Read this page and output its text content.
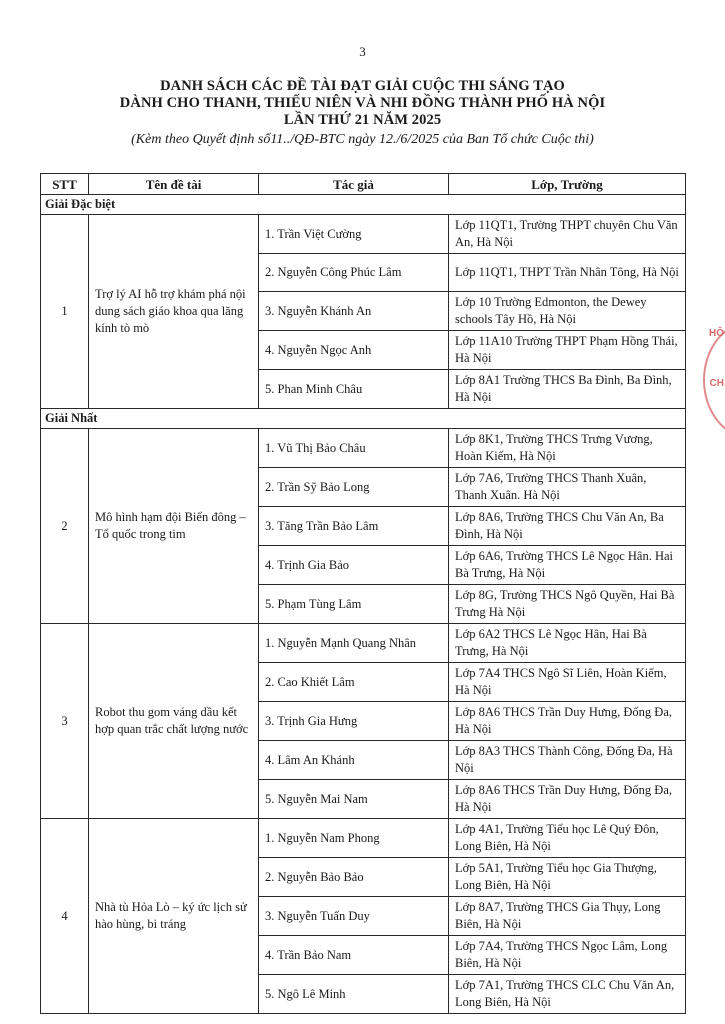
3
DANH SÁCH CÁC ĐỀ TÀI ĐẠT GIẢI CUỘC THI SÁNG TẠO
DÀNH CHO THANH, THIẾU NIÊN VÀ NHI ĐỒNG THÀNH PHỐ HÀ NỘI
LẦN THỨ 21 NĂM 2025
(Kèm theo Quyết định số11../QĐ-BTC ngày 12./6/2025 của Ban Tổ chức Cuộc thi)
STT	Tên đề tài	Tác giả	Lớp, Trường
Giải Đặc biệt			
1	Trợ lý AI hỗ trợ khám phá nội dung sách giáo khoa qua lăng kính tò mò	1. Trần Việt Cường	Lớp 11QT1, Trường THPT chuyên Chu Văn An, Hà Nội
		2. Nguyễn Công Phúc Lâm	Lớp 11QT1, THPT Trần Nhân Tông, Hà Nội
		3. Nguyễn Khánh An	Lớp 10 Trường Edmonton, the Dewey schools Tây Hồ, Hà Nội
		4. Nguyễn Ngọc Anh	Lớp 11A10 Trường THPT Phạm Hồng Thái, Hà Nội
		5. Phan Minh Châu	Lớp 8A1 Trường THCS Ba Đình, Ba Đình, Hà Nội
Giải Nhất			
2	Mô hình hạm đội Biển đông – Tổ quốc trong tim	1. Vũ Thị Bảo Châu	Lớp 8K1, Trường THCS Trưng Vương, Hoàn Kiếm, Hà Nội
		2. Trần Sỹ Bảo Long	Lớp 7A6, Trường THCS Thanh Xuân, Thanh Xuân. Hà Nội
		3. Tăng Trần Bảo Lâm	Lớp 8A6, Trường THCS Chu Văn An, Ba Đình, Hà Nội
		4. Trịnh Gia Bảo	Lớp 6A6, Trường THCS Lê Ngọc Hân. Hai Bà Trưng, Hà Nội
		5. Phạm Tùng Lâm	Lớp 8G, Trường THCS Ngô Quyền, Hai Bà Trưng Hà Nội
3	Robot thu gom váng dầu kết hợp quan trắc chất lượng nước	1. Nguyễn Mạnh Quang Nhân	Lớp 6A2 THCS Lê Ngọc Hân, Hai Bà Trưng, Hà Nội
		2. Cao Khiết Lâm	Lớp 7A4 THCS Ngô Sĩ Liên, Hoàn Kiếm, Hà Nội
		3. Trịnh Gia Hưng	Lớp 8A6 THCS Trần Duy Hưng, Đống Đa, Hà Nội
		4. Lâm An Khánh	Lớp 8A3 THCS Thành Công, Đống Đa, Hà Nội
		5. Nguyễn Mai Nam	Lớp 8A6 THCS Trần Duy Hưng, Đống Đa, Hà Nội
4	Nhà tù Hỏa Lò – ký ức lịch sử hào hùng, bi tráng	1. Nguyễn Nam Phong	Lớp 4A1, Trường Tiểu học Lê Quý Đôn, Long Biên, Hà Nội
		2. Nguyễn Bảo Bảo	Lớp 5A1, Trường Tiểu học Gia Thượng, Long Biên, Hà Nội
		3. Nguyễn Tuấn Duy	Lớp 8A7, Trường THCS Gia Thụy, Long Biên, Hà Nội
		4. Trần Bảo Nam	Lớp 7A4, Trường THCS Ngọc Lâm, Long Biên, Hà Nội
		5. Ngô Lê Minh	Lớp 7A1, Trường THCS CLC Chu Văn An, Long Biên, Hà Nội
HÔ
CH
